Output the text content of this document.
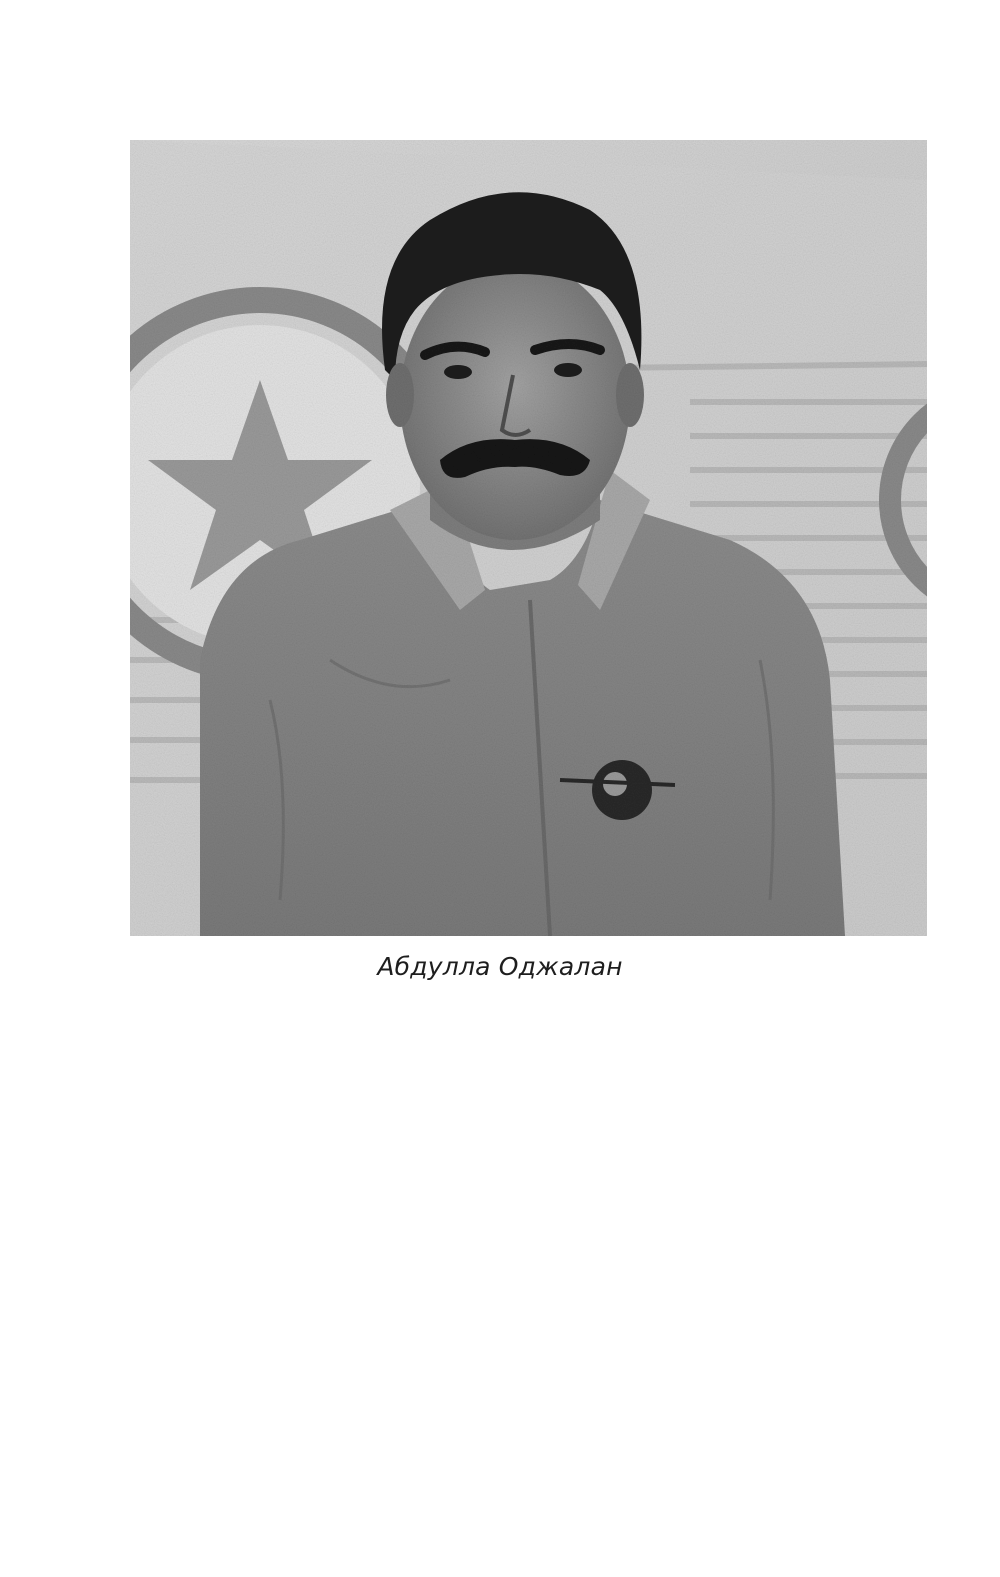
Абдулла Оджалан
